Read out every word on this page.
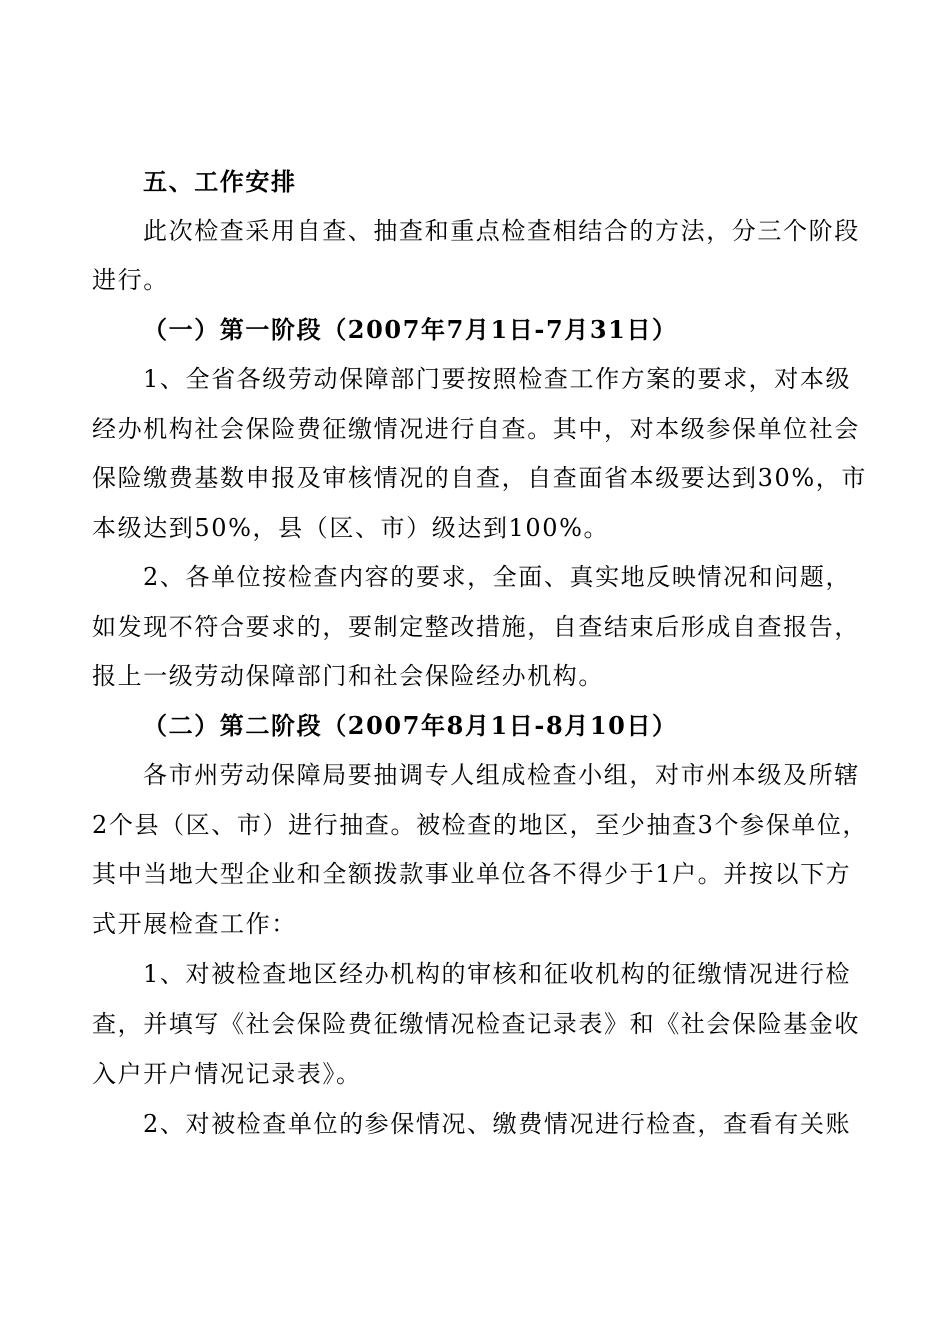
五、工作安排
此次检查采用自查、抽查和重点检查相结合的方法，分三个阶段
进行。
（一）第一阶段（2007年7月1日-7月31日）
1、全省各级劳动保障部门要按照检查工作方案的要求，对本级
经办机构社会保险费征缴情况进行自查。其中，对本级参保单位社会
保险缴费基数申报及审核情况的自查，自查面省本级要达到30%，市
本级达到50%，县（区、市）级达到100%。
2、各单位按检查内容的要求，全面、真实地反映情况和问题，
如发现不符合要求的，要制定整改措施，自查结束后形成自查报告，
报上一级劳动保障部门和社会保险经办机构。
（二）第二阶段（2007年8月1日-8月10日）
各市州劳动保障局要抽调专人组成检查小组，对市州本级及所辖
2个县（区、市）进行抽查。被检查的地区，至少抽查3个参保单位，
其中当地大型企业和全额拨款事业单位各不得少于1户。并按以下方
式开展检查工作：
1、对被检查地区经办机构的审核和征收机构的征缴情况进行检
查，并填写《社会保险费征缴情况检查记录表》和《社会保险基金收
入户开户情况记录表》。
2、对被检查单位的参保情况、缴费情况进行检查，查看有关账
